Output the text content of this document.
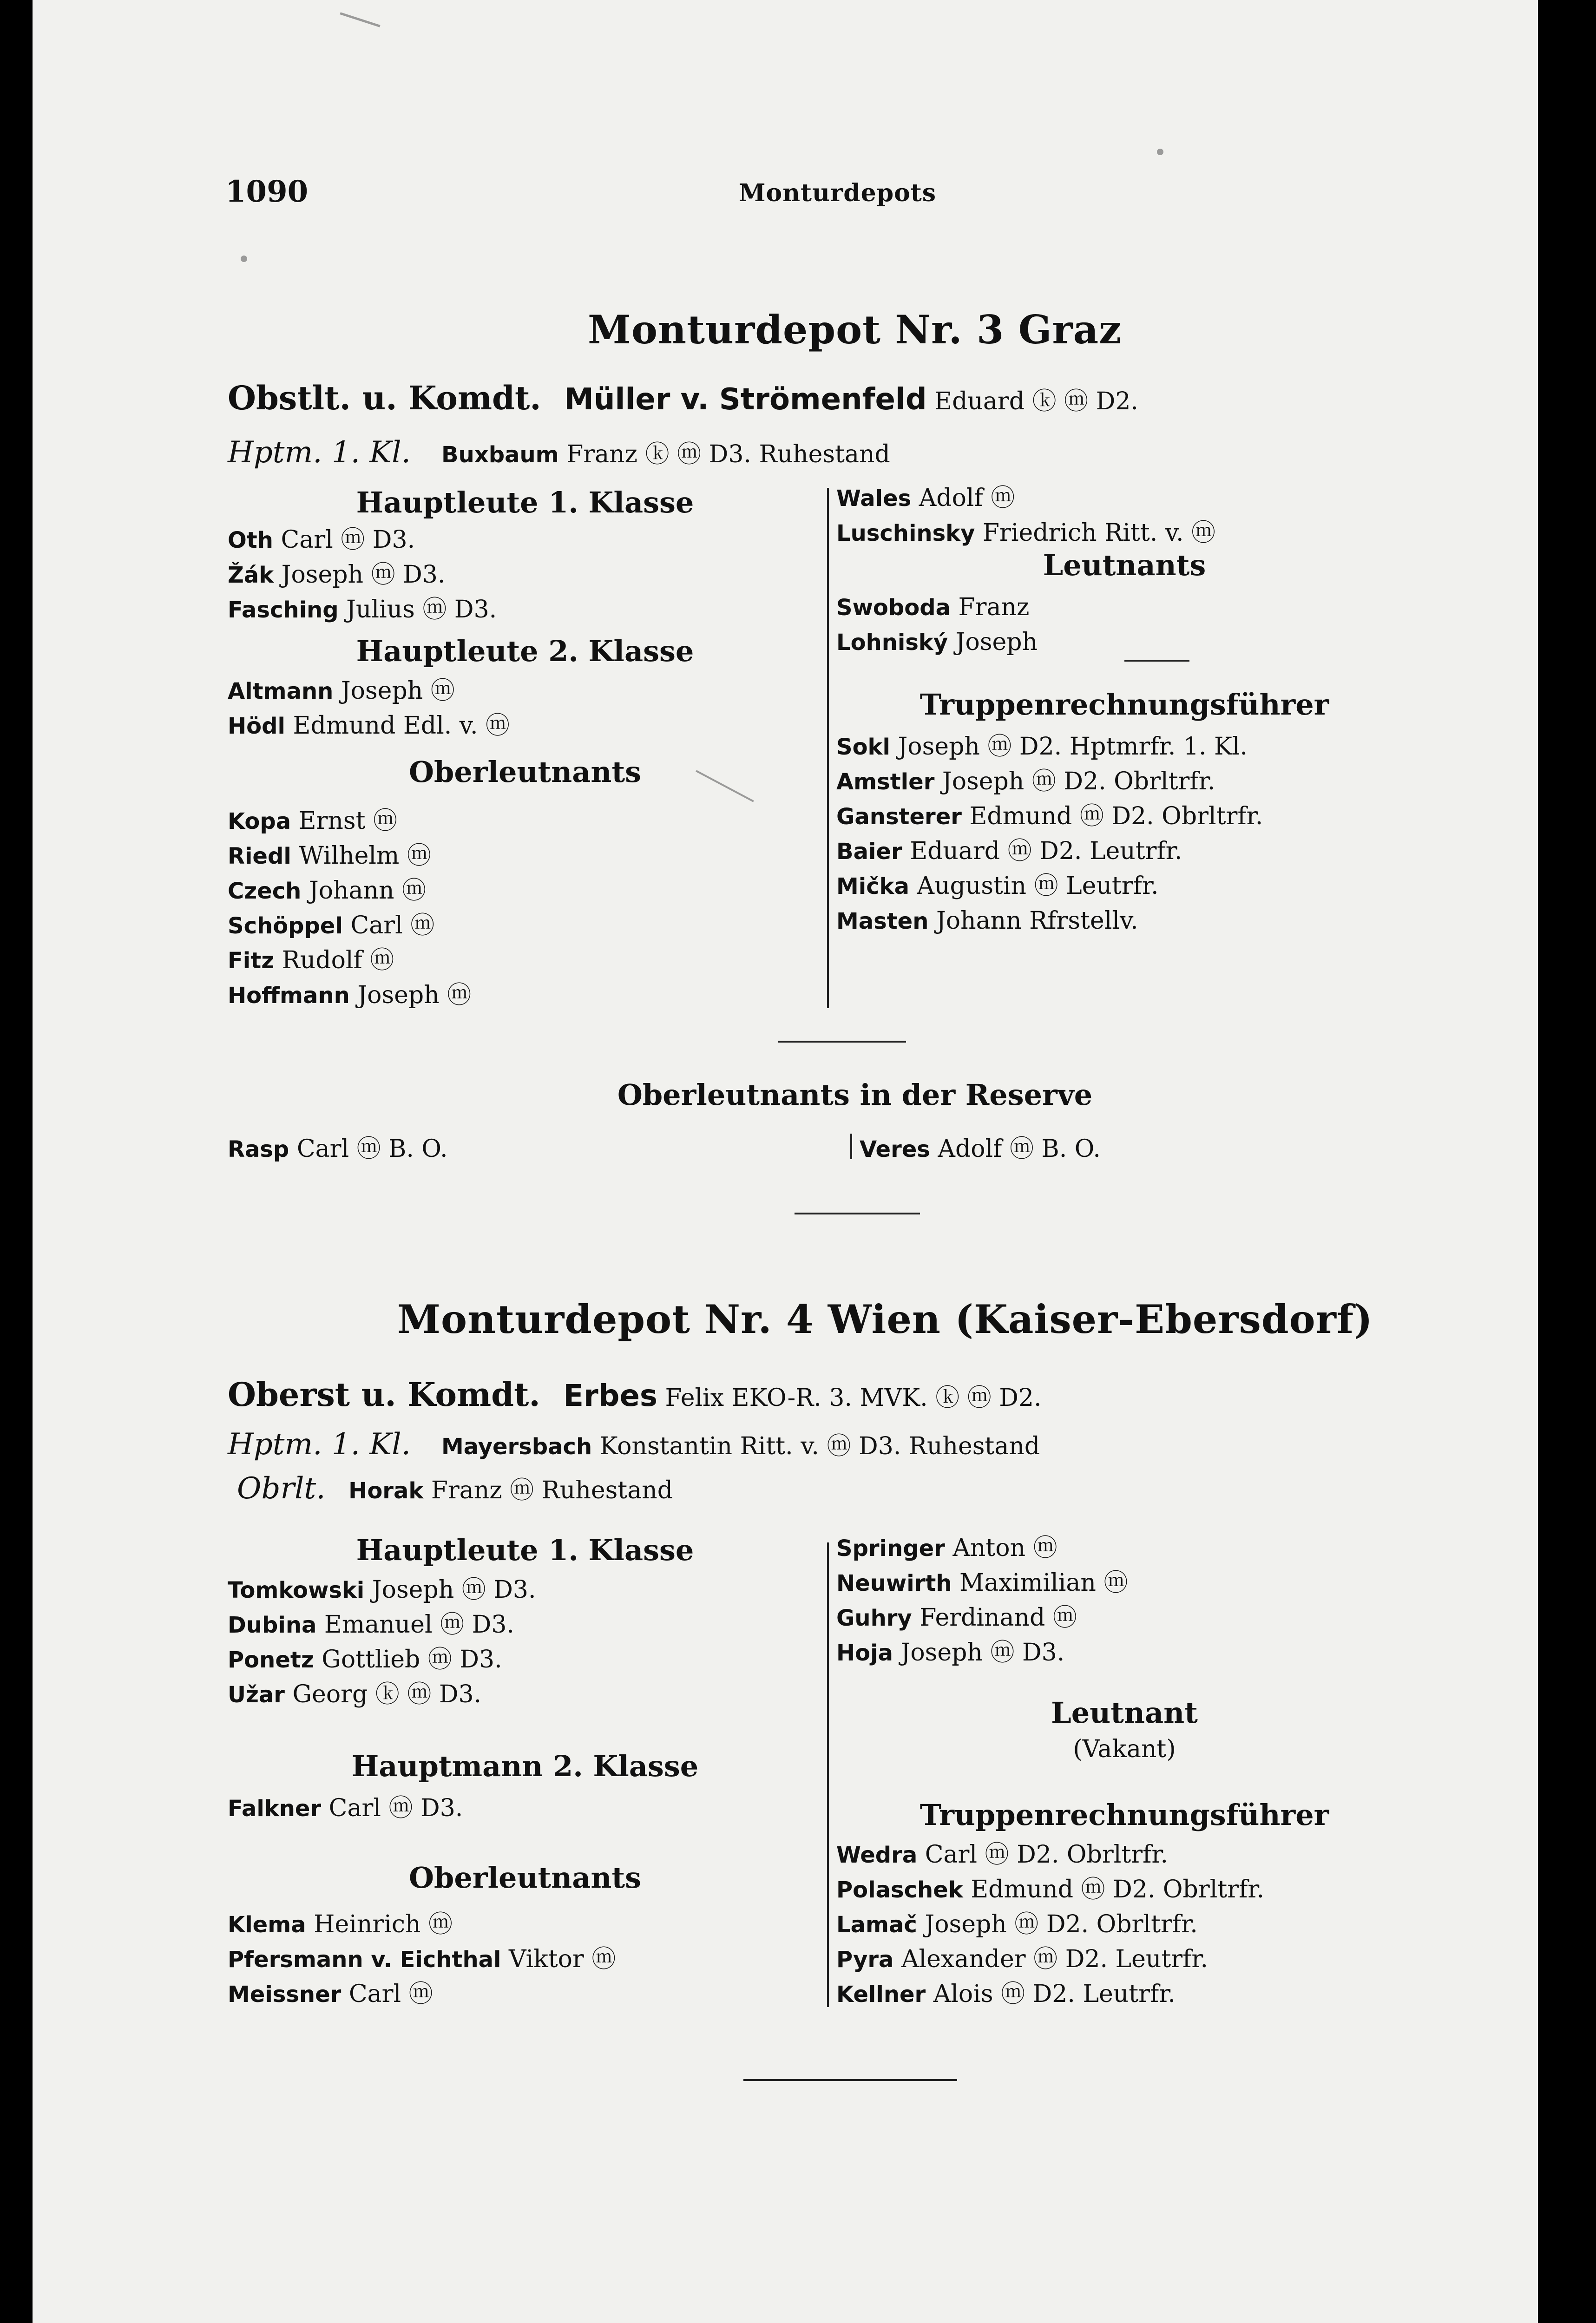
1090	Monturdepots
Monturdepot Nr. 3 Graz
Obstlt. u. Komdt. Müller v. Strömenfeld Eduard ⓚ ⓜ D2.
Hptm. 1. Kl. Buxbaum Franz ⓚ ⓜ D3. Ruhestand
Hauptleute 1. Klasse
Oth Carl ⓜ D3.
Žák Joseph ⓜ D3.
Fasching Julius ⓜ D3.
Hauptleute 2. Klasse
Altmann Joseph ⓜ
Hödl Edmund Edl. v. ⓜ
Oberleutnants
Kopa Ernst ⓜ
Riedl Wilhelm ⓜ
Czech Johann ⓜ
Schöppel Carl ⓜ
Fitz Rudolf ⓜ
Hoffmann Joseph ⓜ
Wales Adolf ⓜ
Luschinsky Friedrich Ritt. v. ⓜ
Leutnants
Swoboda Franz
Lohniský Joseph
Truppenrechnungsführer
Sokl Joseph ⓜ D2. Hptmrfr. 1. Kl.
Amstler Joseph ⓜ D2. Obrltrfr.
Gansterer Edmund ⓜ D2. Obrltrfr.
Baier Eduard ⓜ D2. Leutrfr.
Mička Augustin ⓜ Leutrfr.
Masten Johann Rfrstellv.
Oberleutnants in der Reserve
Rasp Carl ⓜ B. O.	Veres Adolf ⓜ B. O.
Monturdepot Nr. 4 Wien (Kaiser-Ebersdorf)
Oberst u. Komdt. Erbes Felix EKO-R. 3. MVK. ⓚ ⓜ D2.
Hptm. 1. Kl. Mayersbach Konstantin Ritt. v. ⓜ D3. Ruhestand
Obrlt. Horak Franz ⓜ Ruhestand
Hauptleute 1. Klasse
Tomkowski Joseph ⓜ D3.
Dubina Emanuel ⓜ D3.
Ponetz Gottlieb ⓜ D3.
Užar Georg ⓚ ⓜ D3.
Hauptmann 2. Klasse
Falkner Carl ⓜ D3.
Oberleutnants
Klema Heinrich ⓜ
Pfersmann v. Eichthal Viktor ⓜ
Meissner Carl ⓜ
Springer Anton ⓜ
Neuwirth Maximilian ⓜ
Guhry Ferdinand ⓜ
Hoja Joseph ⓜ D3.
Leutnant
(Vakant)
Truppenrechnungsführer
Wedra Carl ⓜ D2. Obrltrfr.
Polaschek Edmund ⓜ D2. Obrltrfr.
Lamač Joseph ⓜ D2. Obrltrfr.
Pyra Alexander ⓜ D2. Leutrfr.
Kellner Alois ⓜ D2. Leutrfr.
